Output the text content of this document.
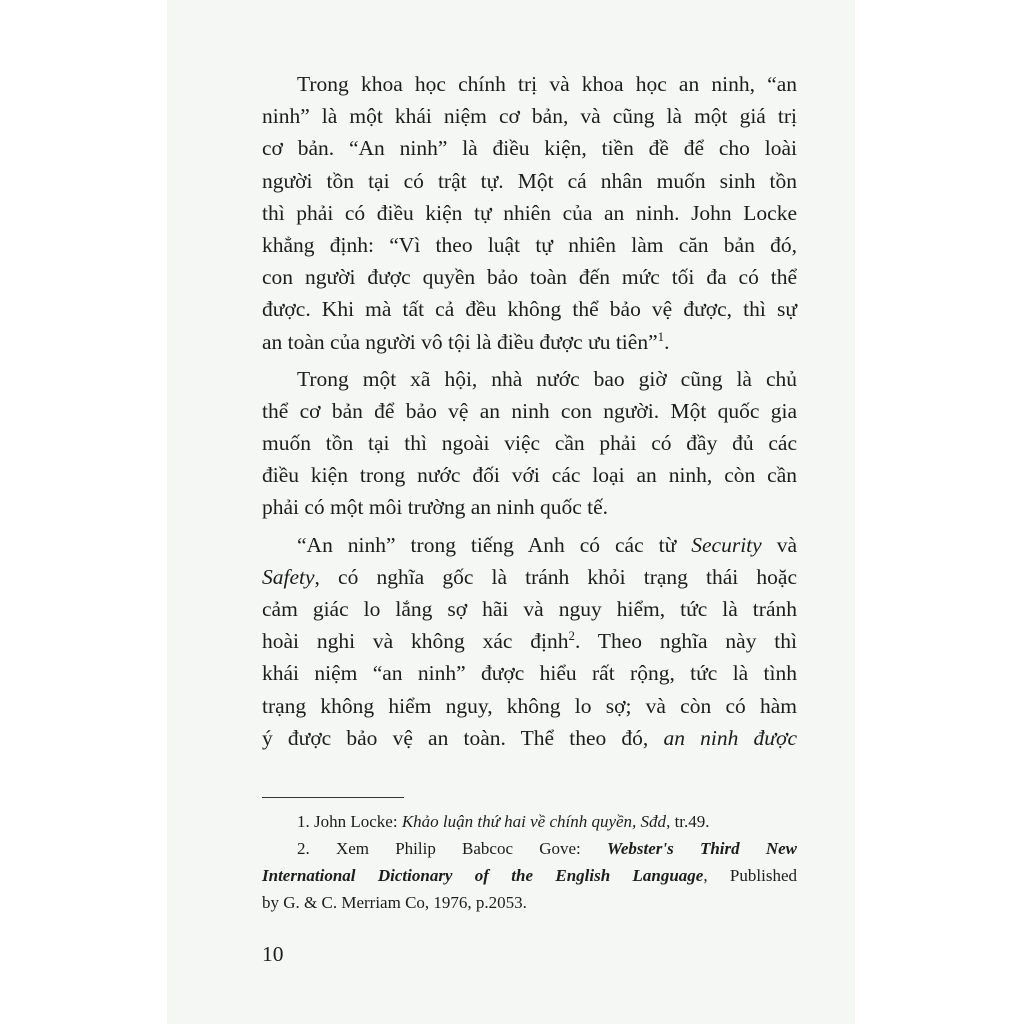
Trong khoa học chính trị và khoa học an ninh, “an
ninh” là một khái niệm cơ bản, và cũng là một giá trị
cơ bản. “An ninh” là điều kiện, tiền đề để cho loài
người tồn tại có trật tự. Một cá nhân muốn sinh tồn
thì phải có điều kiện tự nhiên của an ninh. John Locke
khẳng định: “Vì theo luật tự nhiên làm căn bản đó,
con người được quyền bảo toàn đến mức tối đa có thể
được. Khi mà tất cả đều không thể bảo vệ được, thì sự
an toàn của người vô tội là điều được ưu tiên”$^1$.
Trong một xã hội, nhà nước bao giờ cũng là chủ
thể cơ bản để bảo vệ an ninh con người. Một quốc gia
muốn tồn tại thì ngoài việc cần phải có đầy đủ các
điều kiện trong nước đối với các loại an ninh, còn cần
phải có một môi trường an ninh quốc tế.
“An ninh” trong tiếng Anh có các từ Security và
Safety, có nghĩa gốc là tránh khỏi trạng thái hoặc
cảm giác lo lắng sợ hãi và nguy hiểm, tức là tránh
hoài nghi và không xác định$^2$. Theo nghĩa này thì
khái niệm “an ninh” được hiểu rất rộng, tức là tình
trạng không hiểm nguy, không lo sợ; và còn có hàm
ý được bảo vệ an toàn. Thể theo đó, an ninh được
1. John Locke: Khảo luận thứ hai về chính quyền, Sđd, tr.49.
2. Xem Philip Babcoc Gove: Webster's Third New
International Dictionary of the English Language, Published
by G. & C. Merriam Co, 1976, p.2053.
10
